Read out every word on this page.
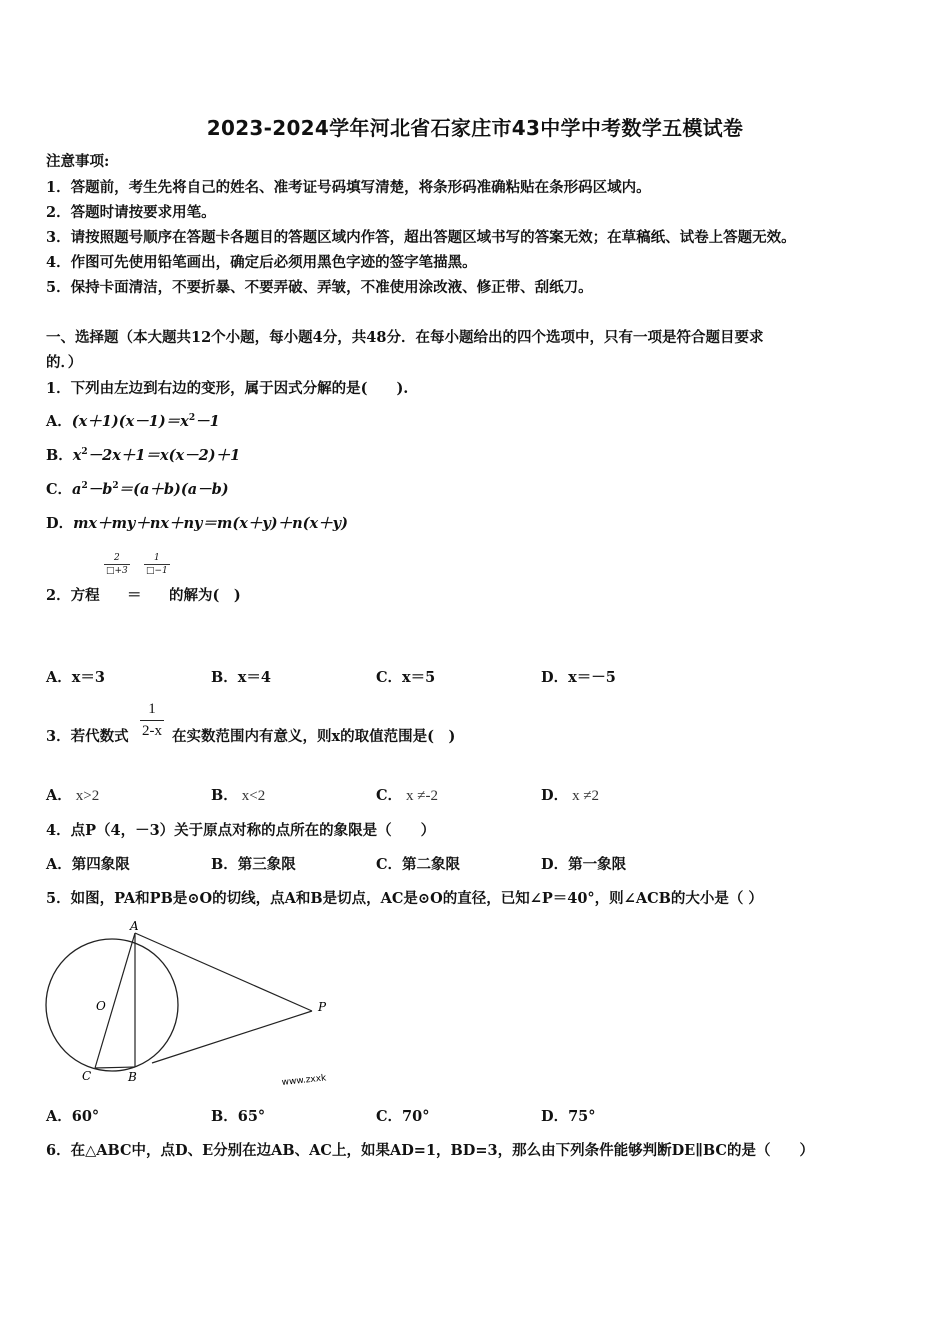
2023-2024学年河北省石家庄市43中学中考数学五模试卷
注意事项:
1．答题前，考生先将自己的姓名、准考证号码填写清楚，将条形码准确粘贴在条形码区域内。
2．答题时请按要求用笔。
3．请按照题号顺序在答题卡各题目的答题区域内作答，超出答题区域书写的答案无效；在草稿纸、试卷上答题无效。
4．作图可先使用铅笔画出，确定后必须用黑色字迹的签字笔描黑。
5．保持卡面清洁，不要折暴、不要弄破、弄皱，不准使用涂改液、修正带、刮纸刀。
一、选择题（本大题共12个小题，每小题4分，共48分．在每小题给出的四个选项中，只有一项是符合题目要求
的．）
1．下列由左边到右边的变形，属于因式分解的是(　　).
A．$(x+1)(x-1)=x^2-1$
B．$x^2-2x+1=x(x-2)+1$
C．$a^2-b^2=(a+b)(a-b)$
D．mx＋my＋nx＋ny＝m(x＋y)＋n(x＋y)
$\frac{2}{□+3} \frac{1}{□-1}$
2．方程 ＝ 的解为(　)
A．x＝3	B．x＝4	C．x＝5	D．x＝－5
3．若代数式 $\frac{1}{2-x}$ 在实数范围内有意义，则x的取值范围是(　)
A． x>2	B． x<2	C． x ≠-2	D． x ≠2
4．点P（4，－3）关于原点对称的点所在的象限是（　　）
A．第四象限	B．第三象限	C．第二象限	D．第一象限
5．如图，PA和PB是⊙O的切线，点A和B是切点，AC是⊙O的直径，已知∠P＝40°，则∠ACB的大小是（ ）
A
O	P
C	B	www.zxxk
A．60°	B．65°	C．70°	D．75°
6．在△ABC中，点D、E分别在边AB、AC上，如果AD=1，BD=3，那么由下列条件能够判断DE∥BC的是（　　）
